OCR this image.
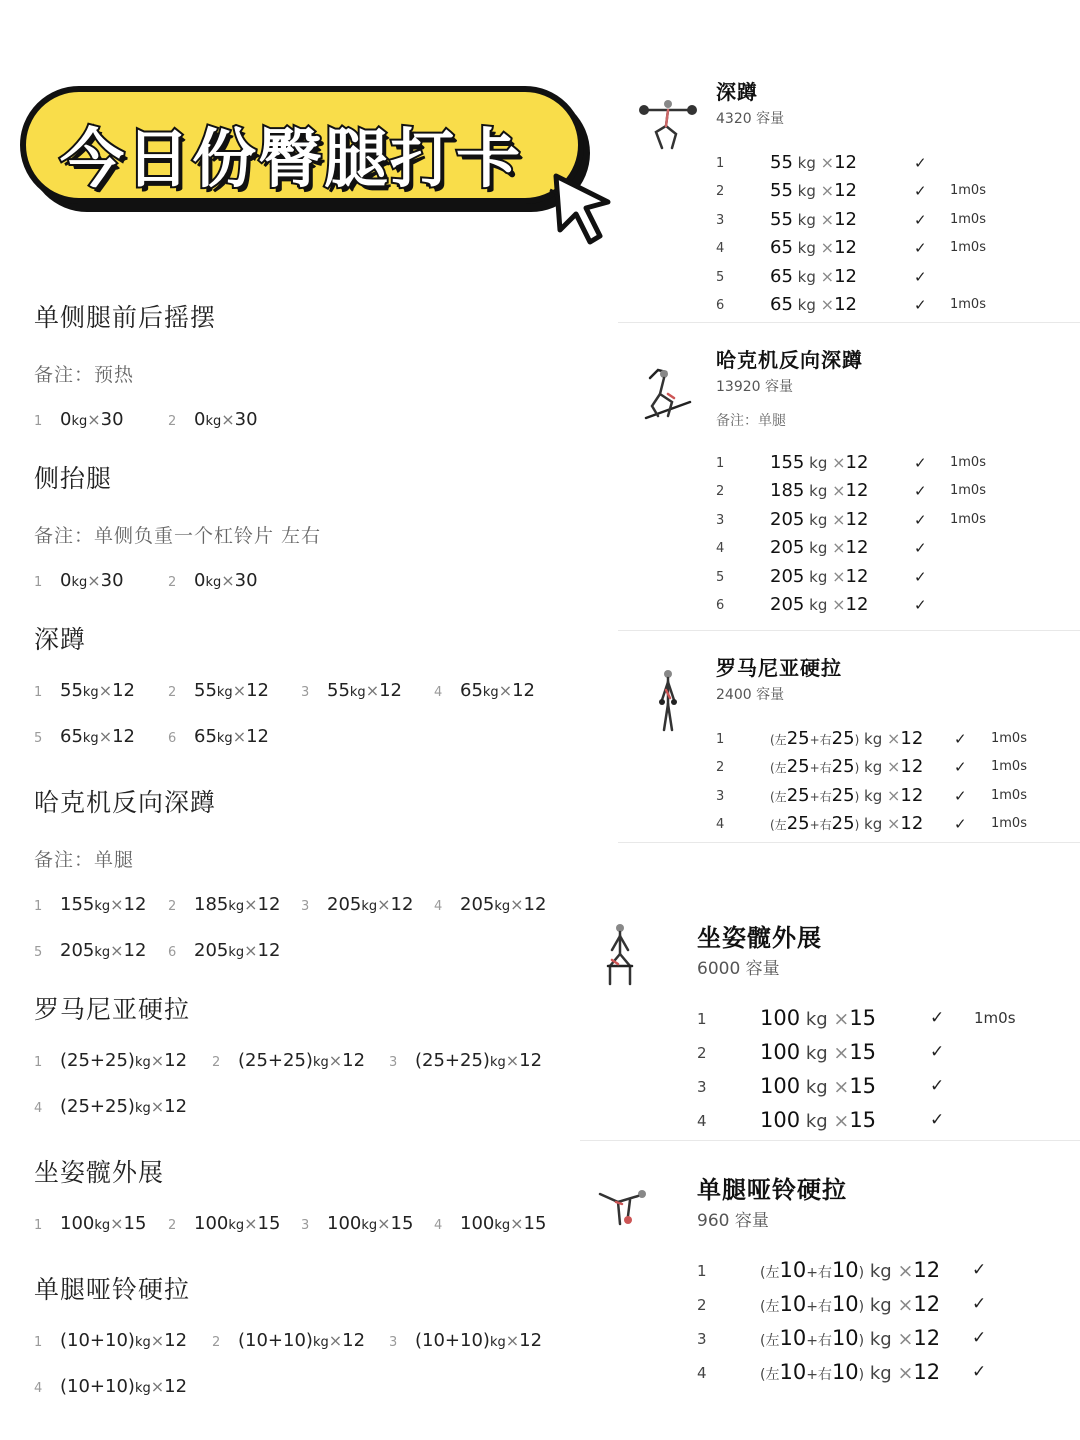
今日份臀腿打卡
单侧腿前后摇摆
备注：预热
1 0kg×30	2 0kg×30
侧抬腿
备注：单侧负重一个杠铃片 左右
1 0kg×30	2 0kg×30
深蹲
1 55kg×12	2 55kg×12 3 55kg×12 4 65kg×12
5 65kg×12	6 65kg×12
哈克机反向深蹲
备注：单腿
1 155kg×12 2 185kg×12 3 205kg×12 4 205kg×12
5 205kg×12 6 205kg×12
罗马尼亚硬拉
1 (25+25)kg×12 2 (25+25)kg×12 3 (25+25)kg×12
4 (25+25)kg×12
坐姿髋外展
1 100kg×15 2 100kg×15 3 100kg×15 4 100kg×15
单腿哑铃硬拉
1 (10+10)kg×12 2 (10+10)kg×12 3 (10+10)kg×12
4 (10+10)kg×12
深蹲
4320 容量
1	55 kg ×12	✓
2	55 kg ×12	✓ 1m0s
3	55 kg ×12	✓ 1m0s
4	65 kg ×12	✓ 1m0s
5	65 kg ×12	✓
6	65 kg ×12	✓ 1m0s
哈克机反向深蹲
13920 容量
备注：单腿
1	155 kg ×12	✓ 1m0s
2	185 kg ×12	✓ 1m0s
3	205 kg ×12	✓ 1m0s
4	205 kg ×12	✓
5	205 kg ×12	✓
6	205 kg ×12	✓
罗马尼亚硬拉
2400 容量
1	(左25+右25) kg ×12 ✓ 1m0s
2	(左25+右25) kg ×12 ✓ 1m0s
3	(左25+右25) kg ×12 ✓ 1m0s
4	(左25+右25) kg ×12 ✓ 1m0s
坐姿髋外展
6000 容量
1	100 kg ×15	✓ 1m0s
2	100 kg ×15	✓
3	100 kg ×15	✓
4	100 kg ×15	✓
单腿哑铃硬拉
960 容量
1	(左10+右10) kg ×12 ✓
2	(左10+右10) kg ×12 ✓
3	(左10+右10) kg ×12 ✓
4	(左10+右10) kg ×12 ✓
